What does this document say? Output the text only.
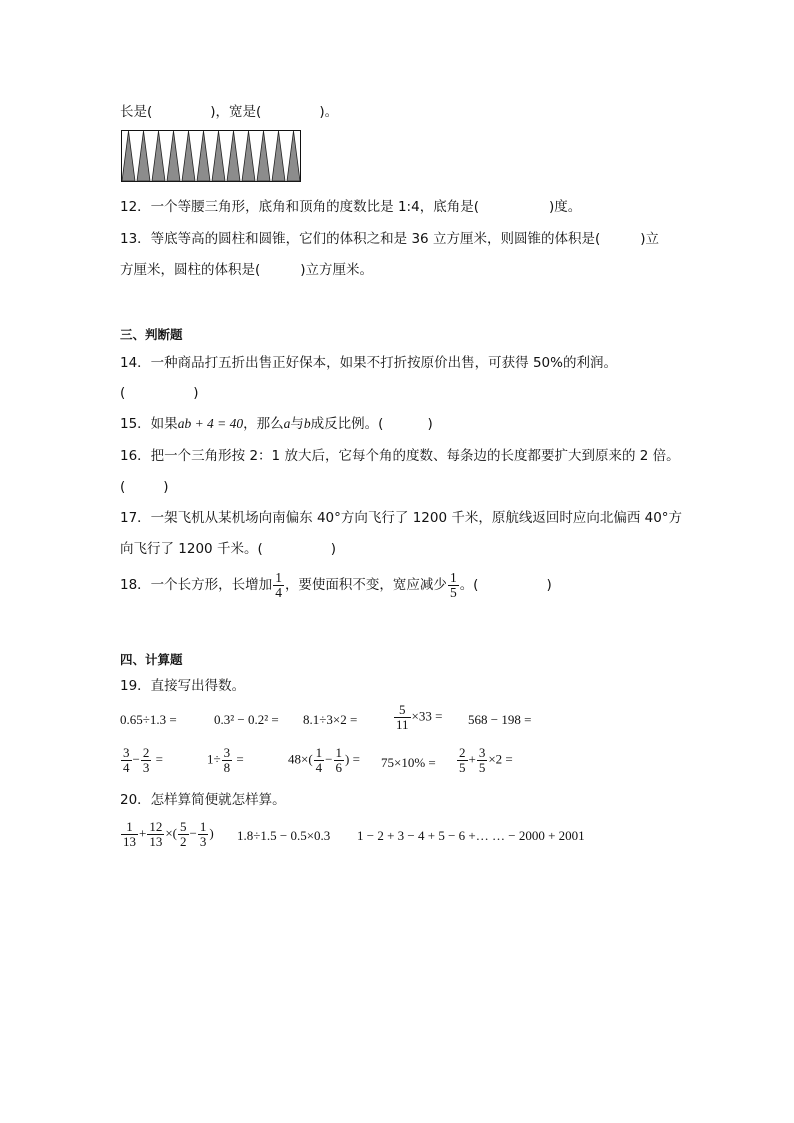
长是(	)，宽是(	)。
12．一个等腰三角形，底角和顶角的度数比是 1:4，底角是(	)度。
13．等底等高的圆柱和圆锥，它们的体积之和是 36 立方厘米，则圆锥的体积是(	)立
方厘米，圆柱的体积是(	)立方厘米。
三、判断题
14．一种商品打五折出售正好保本，如果不打折按原价出售，可获得 50%的利润。
(	)
15．如果ab + 4 = 40，那么a与b成反比例。(	)
16．把一个三角形按 2：1 放大后，它每个角的度数、每条边的长度都要扩大到原来的 2 倍。
(	)
17．一架飞机从某机场向南偏东 40°方向飞行了 1200 千米，原航线返回时应向北偏西 40°方
向飞行了 1200 千米。(	)
18．一个长方形，长增加 $\frac{1}{4}$ ，要使面积不变，宽应减少 $\frac{1}{5}$ 。(	)
四、计算题
19．直接写出得数。
0.65÷1.3 =	0.3² − 0.2² = 8.1÷3×2 =	$\frac{5}{11} \times 33 = 568 - 198$ =
$\frac{3}{4} - \frac{2}{3}$ =	$1\div \frac{3}{8}$ =	$48\times( \frac{1}{4} - \frac{1}{6}$ ) = $75\times 10\% = \frac{2}{5} + \frac{3}{5} \times 2$ =
20．怎样算简便就怎样算。
$\frac{1}{13} + \frac{12}{13}$ ×( $\frac{5}{2} - \frac{1}{3}$ ) 1.8÷1.5 − 0.5×0.3 1 − 2 + 3 − 4 + 5 − 6 +… … − 2000 + 2001
